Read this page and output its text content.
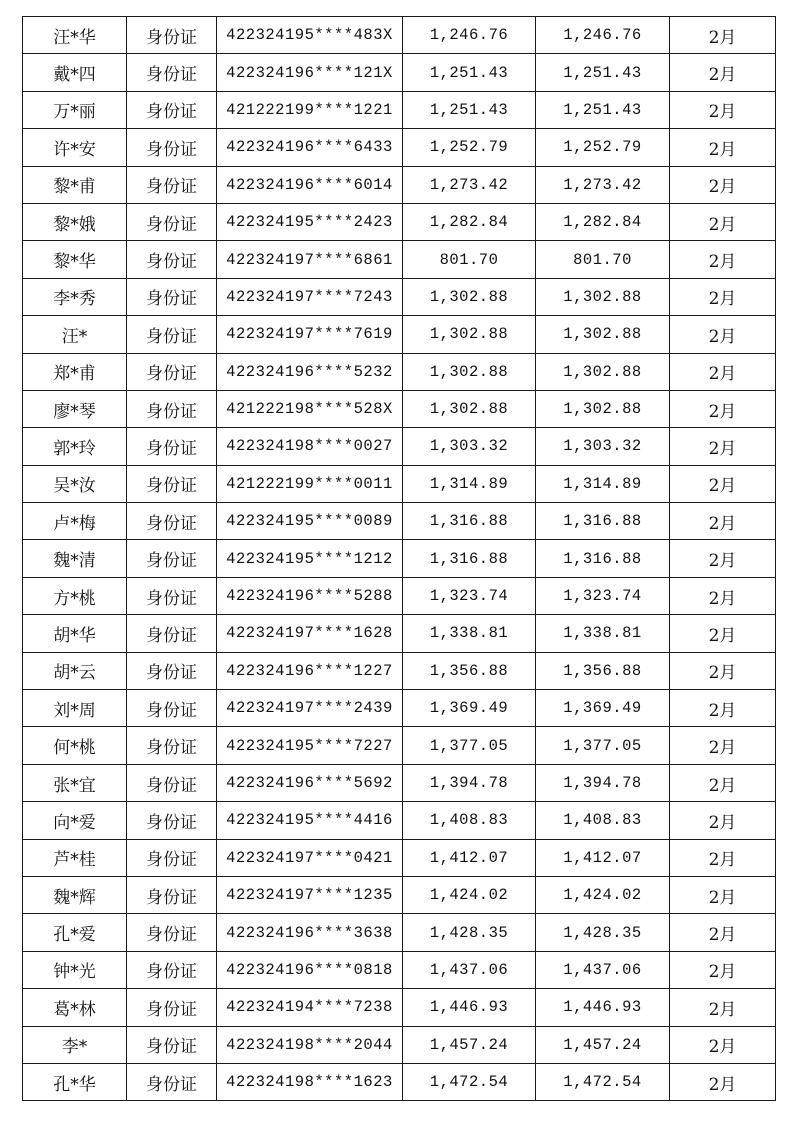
汪*华	身份证	422324195****483X	1,246.76	1,246.76	2月
戴*四	身份证	422324196****121X	1,251.43	1,251.43	2月
万*丽	身份证	421222199****1221	1,251.43	1,251.43	2月
许*安	身份证	422324196****6433	1,252.79	1,252.79	2月
黎*甫	身份证	422324196****6014	1,273.42	1,273.42	2月
黎*娥	身份证	422324195****2423	1,282.84	1,282.84	2月
黎*华	身份证	422324197****6861	801.70	801.70	2月
李*秀	身份证	422324197****7243	1,302.88	1,302.88	2月
汪*	身份证	422324197****7619	1,302.88	1,302.88	2月
郑*甫	身份证	422324196****5232	1,302.88	1,302.88	2月
廖*琴	身份证	421222198****528X	1,302.88	1,302.88	2月
郭*玲	身份证	422324198****0027	1,303.32	1,303.32	2月
吴*汝	身份证	421222199****0011	1,314.89	1,314.89	2月
卢*梅	身份证	422324195****0089	1,316.88	1,316.88	2月
魏*清	身份证	422324195****1212	1,316.88	1,316.88	2月
方*桃	身份证	422324196****5288	1,323.74	1,323.74	2月
胡*华	身份证	422324197****1628	1,338.81	1,338.81	2月
胡*云	身份证	422324196****1227	1,356.88	1,356.88	2月
刘*周	身份证	422324197****2439	1,369.49	1,369.49	2月
何*桃	身份证	422324195****7227	1,377.05	1,377.05	2月
张*宜	身份证	422324196****5692	1,394.78	1,394.78	2月
向*爱	身份证	422324195****4416	1,408.83	1,408.83	2月
芦*桂	身份证	422324197****0421	1,412.07	1,412.07	2月
魏*辉	身份证	422324197****1235	1,424.02	1,424.02	2月
孔*爱	身份证	422324196****3638	1,428.35	1,428.35	2月
钟*光	身份证	422324196****0818	1,437.06	1,437.06	2月
葛*林	身份证	422324194****7238	1,446.93	1,446.93	2月
李*	身份证	422324198****2044	1,457.24	1,457.24	2月
孔*华	身份证	422324198****1623	1,472.54	1,472.54	2月
